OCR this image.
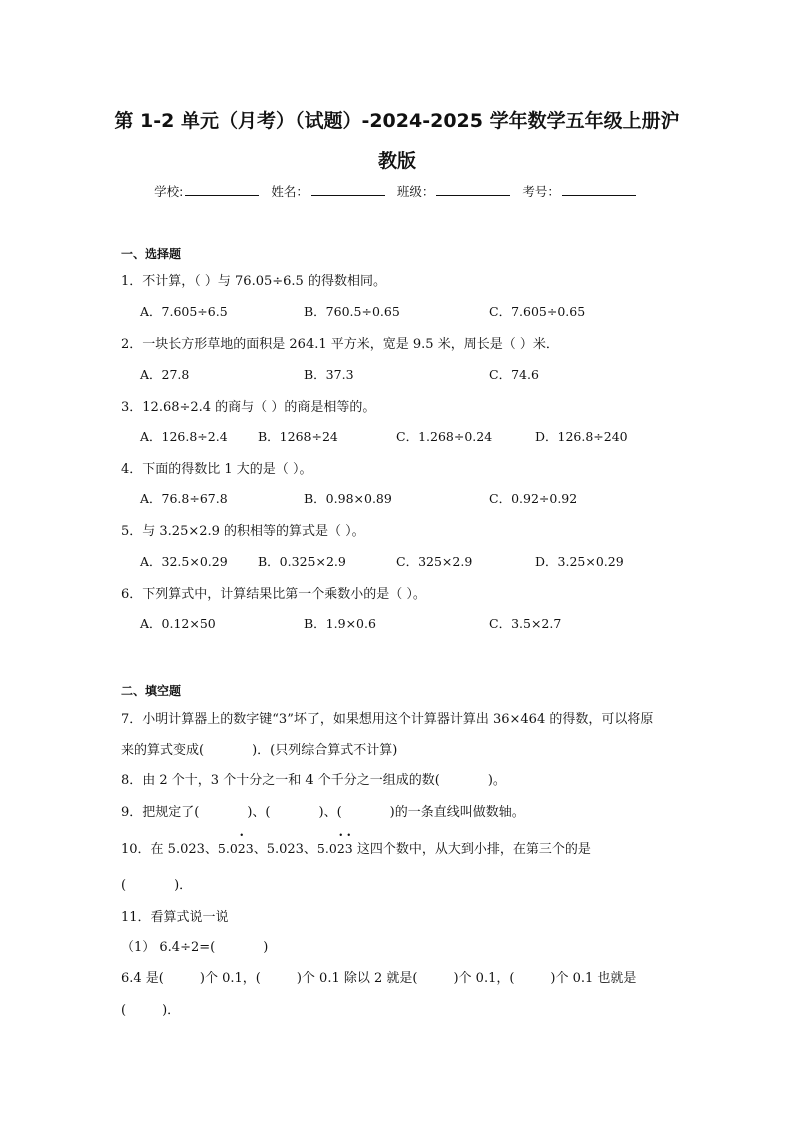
第 1-2 单元（月考）（试题）-2024-2025 学年数学五年级上册沪
教版
学校:	姓名：	班级：	考号：
一、选择题
1．不计算，（ ）与 76.05÷6.5 的得数相同。
A．7.605÷6.5	B．760.5÷0.65	C．7.605÷0.65
2．一块长方形草地的面积是 264.1 平方米，宽是 9.5 米，周长是（ ）米．
A．27.8	B．37.3	C．74.6
3．12.68÷2.4 的商与（ ）的商是相等的。
A．126.8÷2.4 B．1268÷24	C．1.268÷0.24	D．126.8÷240
4．下面的得数比 1 大的是（ ）。
A．76.8÷67.8	B．0.98×0.89	C．0.92÷0.92
5．与 3.25×2.9 的积相等的算式是（ ）。
A．32.5×0.29 B．0.325×2.9	C．325×2.9	D．3.25×0.29
6．下列算式中，计算结果比第一个乘数小的是（ ）。
A．0.12×50	B．1.9×0.6	C．3.5×2.7
二、填空题
7．小明计算器上的数字键“3”坏了，如果想用这个计算器计算出 36×464 的得数，可以将原
来的算式变成(	)．(只列综合算式不计算)
8．由 2 个十，3 个十分之一和 4 个千分之一组成的数(	)。
9．把规定了(	)、(	)、(	)的一条直线叫做数轴。
10．在 5.023、5.0• 23、5.023、5.0• 2• 3 这四个数中，从大到小排，在第三个的是
(	)．
11．看算式说一说
（1） 6.4÷2=(	)
6.4 是(	)个 0.1，(	)个 0.1 除以 2 就是(	)个 0.1，(	)个 0.1 也就是
(	)．
